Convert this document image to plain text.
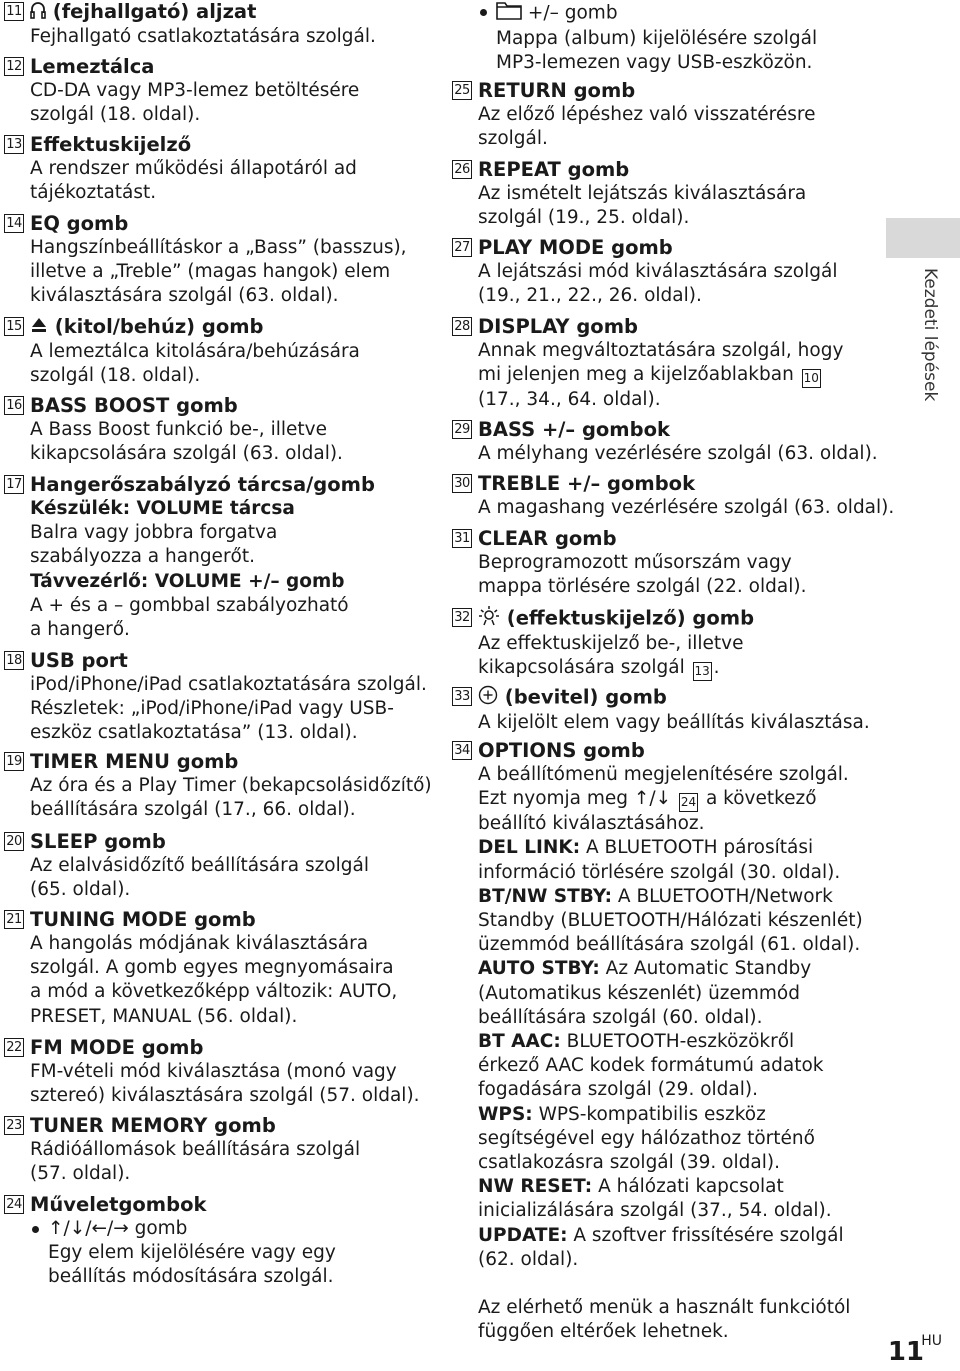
11 (fejhallgató) aljzat
Fejhallgató csatlakoztatására szolgál.
12 Lemeztálca
CD-DA vagy MP3-lemez betöltésére
szolgál (18. oldal).
13 Effektuskijelző
A rendszer működési állapotáról ad
tájékoztatást.
14 EQ gomb
Hangszínbeállításkor a „Bass” (basszus),
illetve a „Treble” (magas hangok) elem
kiválasztására szolgál (63. oldal).
15 (kitol/behúz) gomb
A lemeztálca kitolására/behúzására
szolgál (18. oldal).
16 BASS BOOST gomb
A Bass Boost funkció be-, illetve
kikapcsolására szolgál (63. oldal).
17 Hangerőszabályzó tárcsa/gomb
Készülék: VOLUME tárcsa
Balra vagy jobbra forgatva
szabályozza a hangerőt.
Távvezérlő: VOLUME +/– gomb
A + és a – gombbal szabályozható
a hangerő.
18 USB port
iPod/iPhone/iPad csatlakoztatására szolgál.
Részletek: „iPod/iPhone/iPad vagy USB-
eszköz csatlakoztatása” (13. oldal).
19 TIMER MENU gomb
Az óra és a Play Timer (bekapcsolásidőzítő)
beállítására szolgál (17., 66. oldal).
20 SLEEP gomb
Az elalvásidőzítő beállítására szolgál
(65. oldal).
21 TUNING MODE gomb
A hangolás módjának kiválasztására
szolgál. A gomb egyes megnyomásaira
a mód a következőképp változik: AUTO,
PRESET, MANUAL (56. oldal).
22 FM MODE gomb
FM-vételi mód kiválasztása (monó vagy
sztereó) kiválasztására szolgál (57. oldal).
23 TUNER MEMORY gomb
Rádióállomások beállítására szolgál
(57. oldal).
24 Műveletgombok
↑/↓/←/→ gomb
Egy elem kijelölésére vagy egy
beállítás módosítására szolgál.
+/– gomb
Mappa (album) kijelölésére szolgál
MP3-lemezen vagy USB-eszközön.
25 RETURN gomb
Az előző lépéshez való visszatérésre
szolgál.
26 REPEAT gomb
Az ismételt lejátszás kiválasztására
szolgál (19., 25. oldal).
27 PLAY MODE gomb
A lejátszási mód kiválasztására szolgál
(19., 21., 22., 26. oldal).
28 DISPLAY gomb
Annak megváltoztatására szolgál, hogy
mi jelenjen meg a kijelzőablakban 10
(17., 34., 64. oldal).
29 BASS +/– gombok
A mélyhang vezérlésére szolgál (63. oldal).
30 TREBLE +/– gombok
A magashang vezérlésére szolgál (63. oldal).
31 CLEAR gomb
Beprogramozott műsorszám vagy
mappa törlésére szolgál (22. oldal).
32 (effektuskijelző) gomb
Az effektuskijelző be-, illetve
kikapcsolására szolgál 13 .
33 (bevitel) gomb
A kijelölt elem vagy beállítás kiválasztása.
34 OPTIONS gomb
A beállítómenü megjelenítésére szolgál.
Ezt nyomja meg ↑/↓ 24 a következő
beállító kiválasztásához.
DEL LINK: A BLUETOOTH párosítási
információ törlésére szolgál (30. oldal).
BT/NW STBY: A BLUETOOTH/Network
Standby (BLUETOOTH/Hálózati készenlét)
üzemmód beállítására szolgál (61. oldal).
AUTO STBY: Az Automatic Standby
(Automatikus készenlét) üzemmód
beállítására szolgál (60. oldal).
BT AAC: BLUETOOTH-eszközökről
érkező AAC kodek formátumú adatok
fogadására szolgál (29. oldal).
WPS: WPS-kompatibilis eszköz
segítségével egy hálózathoz történő
csatlakozásra szolgál (39. oldal).
NW RESET: A hálózati kapcsolat
inicializálására szolgál (37., 54. oldal).
UPDATE: A szoftver frissítésére szolgál
(62. oldal).
Az elérhető menük a használt funkciótól
függően eltérőek lehetnek.
Kezdeti lépések
11
HU
